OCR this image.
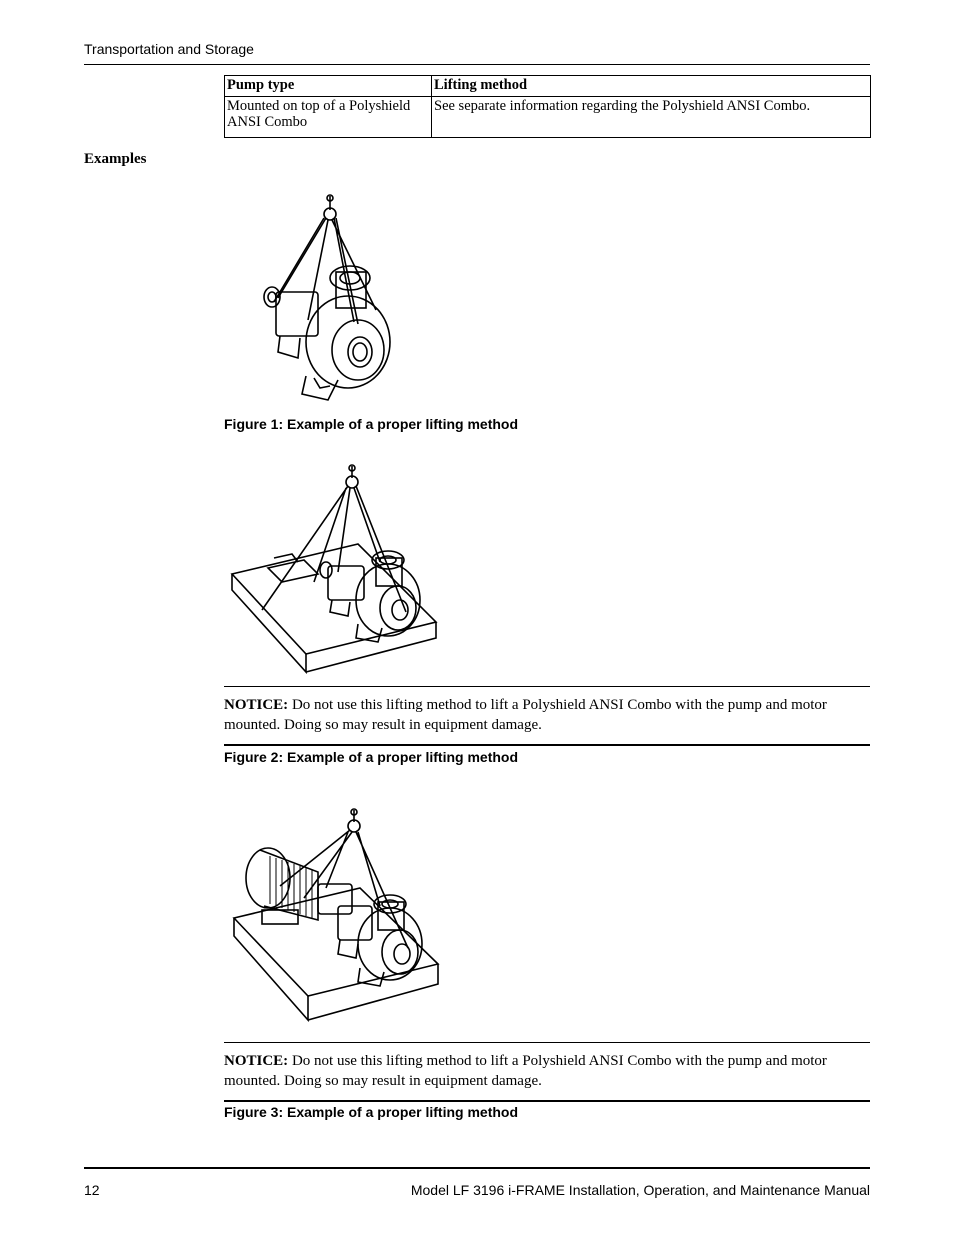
Transportation and Storage
Pump type	Lifting method
Mounted on top of a Polyshield ANSI Combo	See separate information regarding the Polyshield ANSI Combo.
Examples
Figure 1: Example of a proper lifting method
NOTICE: Do not use this lifting method to lift a Polyshield ANSI Combo with the pump and motor mounted. Doing so may result in equipment damage.
Figure 2: Example of a proper lifting method
NOTICE: Do not use this lifting method to lift a Polyshield ANSI Combo with the pump and motor mounted. Doing so may result in equipment damage.
Figure 3: Example of a proper lifting method
12	Model LF 3196 i-FRAME Installation, Operation, and Maintenance Manual
